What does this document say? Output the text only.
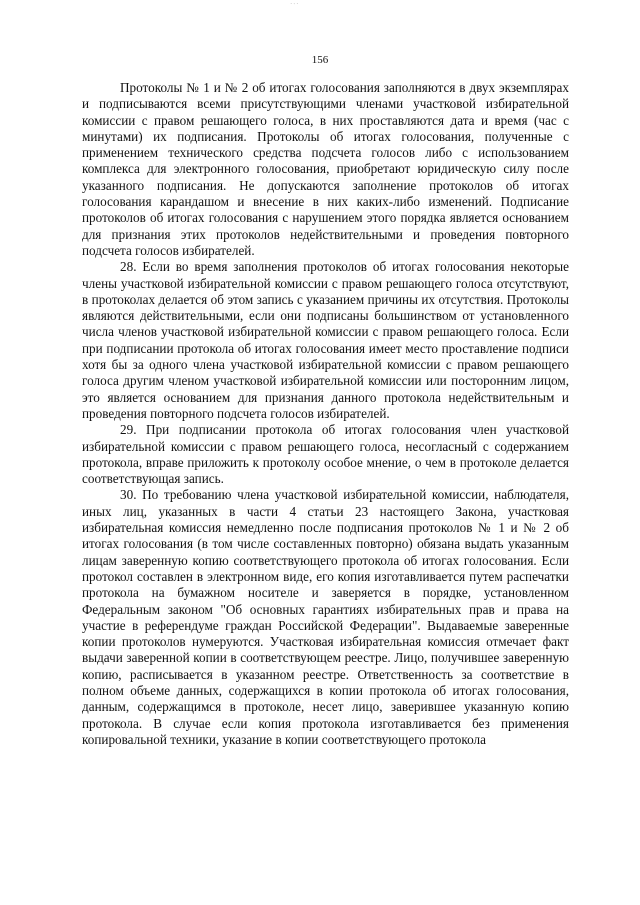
·∙·
156

Протоколы № 1 и № 2 об итогах голосования заполняются в двух экземплярах и подписываются всеми присутствующими членами участковой избирательной комиссии с правом решающего голоса, в них проставляются дата и время (час с минутами) их подписания. Протоколы об итогах голосования, полученные с применением технического средства подсчета голосов либо с использованием комплекса для электронного голосования, приобретают юридическую силу после указанного подписания. Не допускаются заполнение протоколов об итогах голосования карандашом и внесение в них каких-либо изменений. Подписание протоколов об итогах голосования с нарушением этого порядка является основанием для признания этих протоколов недействительными и проведения повторного подсчета голосов избирателей.

28. Если во время заполнения протоколов об итогах голосования некоторые члены участковой избирательной комиссии с правом решающего голоса отсутствуют, в протоколах делается об этом запись с указанием причины их отсутствия. Протоколы являются действительными, если они подписаны большинством от установленного числа членов участковой избирательной комиссии с правом решающего голоса. Если при подписании протокола об итогах голосования имеет место проставление подписи хотя бы за одного члена участковой избирательной комиссии с правом решающего голоса другим членом участковой избирательной комиссии или посторонним лицом, это является основанием для признания данного протокола недействительным и проведения повторного подсчета голосов избирателей.

29. При подписании протокола об итогах голосования член участковой избирательной комиссии с правом решающего голоса, несогласный с содержанием протокола, вправе приложить к протоколу особое мнение, о чем в протоколе делается соответствующая запись.

30. По требованию члена участковой избирательной комиссии, наблюдателя, иных лиц, указанных в части 4 статьи 23 настоящего Закона, участковая избирательная комиссия немедленно после подписания протоколов № 1 и № 2 об итогах голосования (в том числе составленных повторно) обязана выдать указанным лицам заверенную копию соответствующего протокола об итогах голосования. Если протокол составлен в электронном виде, его копия изготавливается путем распечатки протокола на бумажном носителе и заверяется в порядке, установленном Федеральным законом "Об основных гарантиях избирательных прав и права на участие в референдуме граждан Российской Федерации". Выдаваемые заверенные копии протоколов нумеруются. Участковая избирательная комиссия отмечает факт выдачи заверенной копии в соответствующем реестре. Лицо, получившее заверенную копию, расписывается в указанном реестре. Ответственность за соответствие в полном объеме данных, содержащихся в копии протокола об итогах голосования, данным, содержащимся в протоколе, несет лицо, заверившее указанную копию протокола. В случае если копия протокола изготавливается без применения копировальной техники, указание в копии соответствующего протокола
